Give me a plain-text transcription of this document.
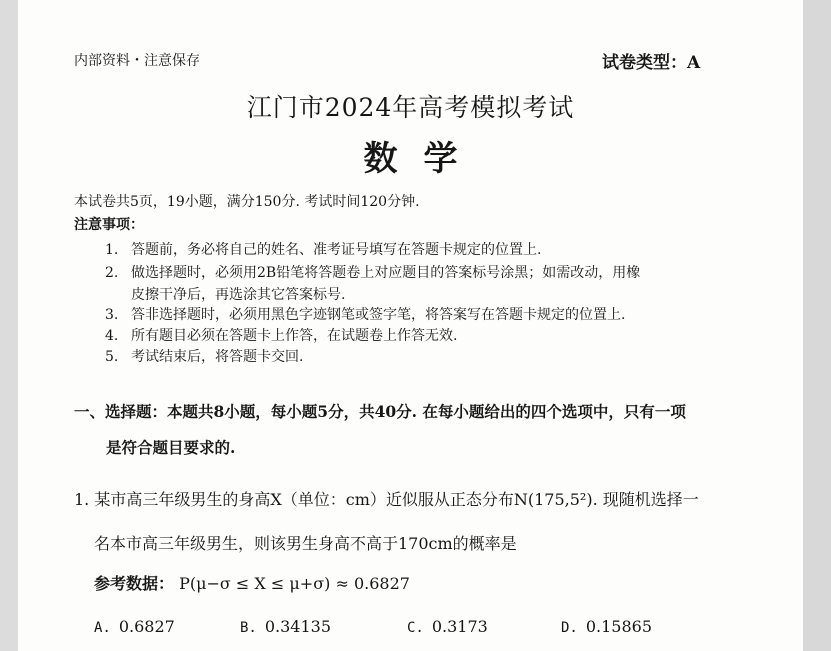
内部资料・注意保存	试卷类型：A
江门市2024年高考模拟考试
数学
本试卷共5页，19小题，满分150分. 考试时间120分钟.
注意事项：
1. 答题前，务必将自己的姓名、准考证号填写在答题卡规定的位置上.
2. 做选择题时，必须用2B铅笔将答题卷上对应题目的答案标号涂黑；如需改动，用橡
皮擦干净后，再选涂其它答案标号.
3. 答非选择题时，必须用黑色字迹钢笔或签字笔，将答案写在答题卡规定的位置上.
4. 所有题目必须在答题卡上作答，在试题卷上作答无效.
5. 考试结束后，将答题卡交回.
一、选择题：本题共8小题，每小题5分，共40分. 在每小题给出的四个选项中，只有一项
是符合题目要求的.
1. 某市高三年级男生的身高X（单位：cm）近似服从正态分布N(175,5²). 现随机选择一
名本市高三年级男生，则该男生身高不高于170cm的概率是
参考数据： P(μ−σ ≤ X ≤ μ+σ) ≈ 0.6827
A. 0.6827	B. 0.34135	C. 0.3173	D. 0.15865
